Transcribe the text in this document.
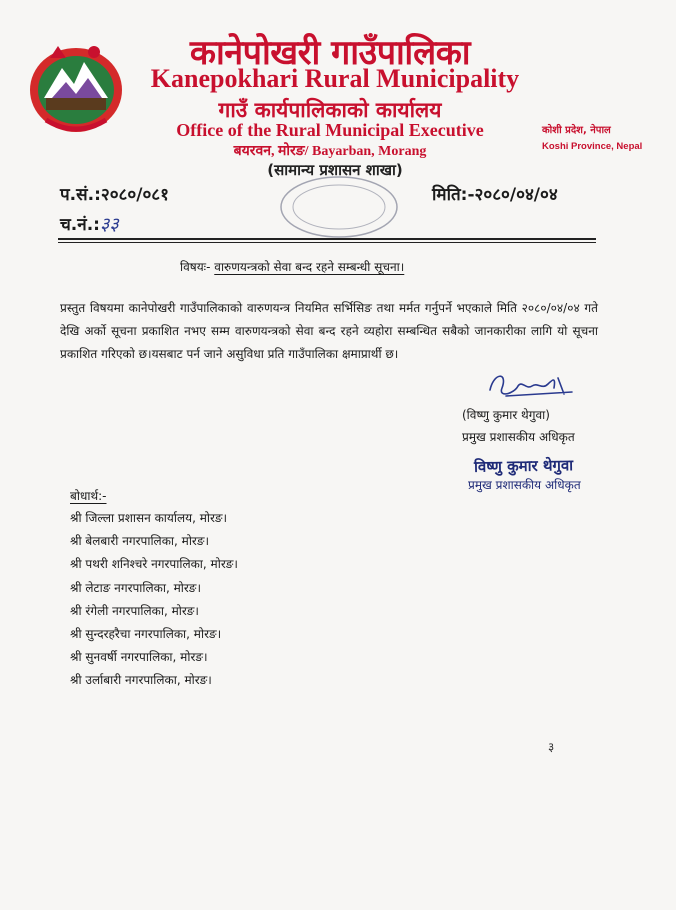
कानेपोखरी गाउँपालिका
Kanepokhari Rural Municipality
गाउँ कार्यपालिकाको कार्यालय
Office of the Rural Municipal Executive
बयरवन, मोरङ/ Bayarban, Morang
कोशी प्रदेश, नेपाल
Koshi Province, Nepal
(सामान्य प्रशासन शाखा)
प.सं.:२०८०/०८१
च.नं.:३३
मिति:-२०८०/०४/०४
विषयः- वारुणयन्त्रको सेवा बन्द रहने सम्बन्धी सूचना।
प्रस्तुत विषयमा कानेपोखरी गाउँपालिकाको वारुणयन्त्र नियमित सर्भिसिङ तथा मर्मत गर्नुपर्ने भएकाले मिति २०८०/०४/०४ गते देखि अर्को सूचना प्रकाशित नभए सम्म वारुणयन्त्रको सेवा बन्द रहने व्यहोरा सम्बन्धित सबैको जानकारीका लागि यो सूचना प्रकाशित गरिएको छ।यसबाट पर्न जाने असुविधा प्रति गाउँपालिका क्षमाप्रार्थी छ।
(विष्णु कुमार थेगुवा)
प्रमुख प्रशासकीय अधिकृत
विष्णु कुमार थेगुवा
प्रमुख प्रशासकीय अधिकृत
बोधार्थ:-
श्री जिल्ला प्रशासन कार्यालय, मोरङ।
श्री बेलबारी नगरपालिका, मोरङ।
श्री पथरी शनिश्चरे नगरपालिका, मोरङ।
श्री लेटाङ नगरपालिका, मोरङ।
श्री रंगेली नगरपालिका, मोरङ।
श्री सुन्दरहरैचा नगरपालिका, मोरङ।
श्री सुनवर्षी नगरपालिका, मोरङ।
श्री उर्लाबारी नगरपालिका, मोरङ।
३
